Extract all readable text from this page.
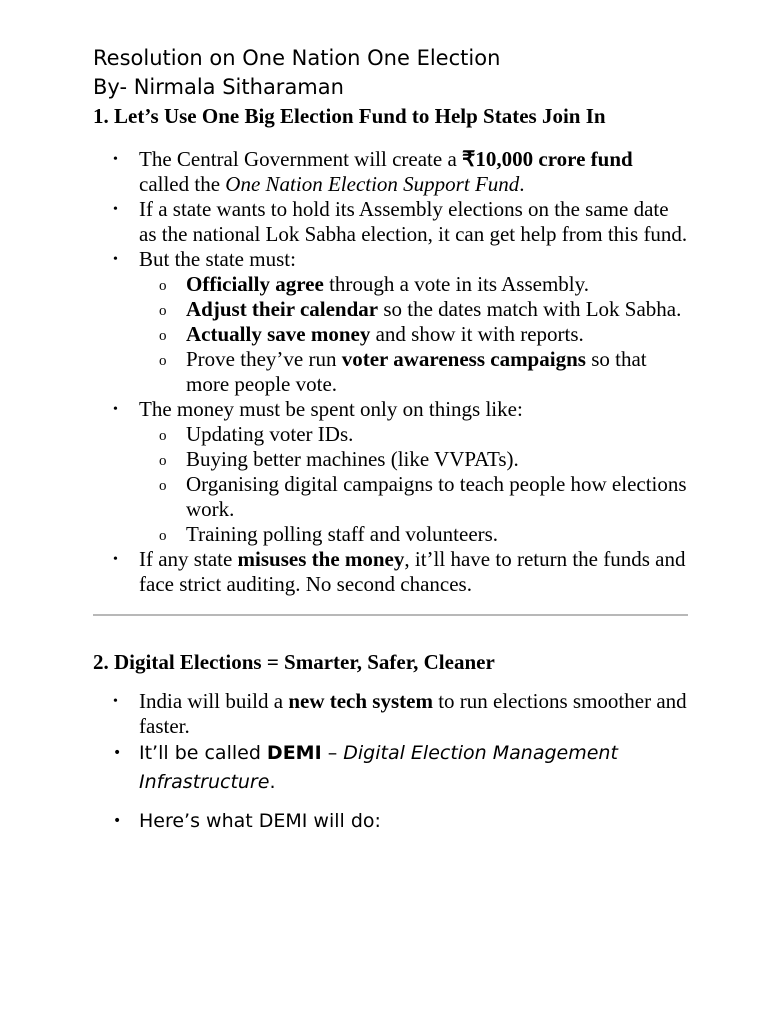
Resolution on One Nation One Election

By- Nirmala Sitharaman

1. Let’s Use One Big Election Fund to Help States Join In
• The Central Government will create a ₹10,000 crore fund called the One Nation Election Support Fund.
• If a state wants to hold its Assembly elections on the same date as the national Lok Sabha election, it can get help from this fund.
• But the state must:
o Officially agree through a vote in its Assembly.
o Adjust their calendar so the dates match with Lok Sabha.
o Actually save money and show it with reports.
o Prove they’ve run voter awareness campaigns so that more people vote.
• The money must be spent only on things like:
o Updating voter IDs.
o Buying better machines (like VVPATs).
o Organising digital campaigns to teach people how elections work.
o Training polling staff and volunteers.
• If any state misuses the money, it’ll have to return the funds and face strict auditing. No second chances.
2. Digital Elections = Smarter, Safer, Cleaner
• India will build a new tech system to run elections smoother and faster.
• It’ll be called DEMI – Digital Election Management Infrastructure.
• Here’s what DEMI will do:
